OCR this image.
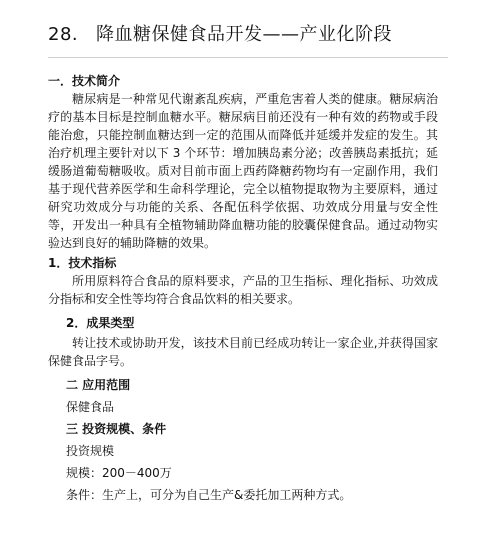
28. 降血糖保健食品开发——产业化阶段

一．技术简介

糖尿病是一种常见代谢紊乱疾病，严重危害着人类的健康。糖尿病治疗的基本目标是控制血糖水平。糖尿病目前还没有一种有效的药物或手段能治愈，只能控制血糖达到一定的范围从而降低并延缓并发症的发生。其治疗机理主要针对以下 3 个环节：增加胰岛素分泌；改善胰岛素抵抗；延缓肠道葡萄糖吸收。质对目前市面上西药降糖药物均有一定副作用，我们基于现代营养医学和生命科学理论，完全以植物提取物为主要原料，通过研究功效成分与功能的关系、各配伍科学依据、功效成分用量与安全性等，开发出一种具有全植物辅助降血糖功能的胶囊保健食品。通过动物实验达到良好的辅助降糖的效果。

1．技术指标

所用原料符合食品的原料要求，产品的卫生指标、理化指标、功效成分指标和安全性等均符合食品饮料的相关要求。

2．成果类型

转让技术或协助开发，该技术目前已经成功转让一家企业,并获得国家保健食品字号。

二 应用范围

保健食品

三 投资规模、条件

投资规模

规模：200－400万

条件：生产上，可分为自己生产&委托加工两种方式。
